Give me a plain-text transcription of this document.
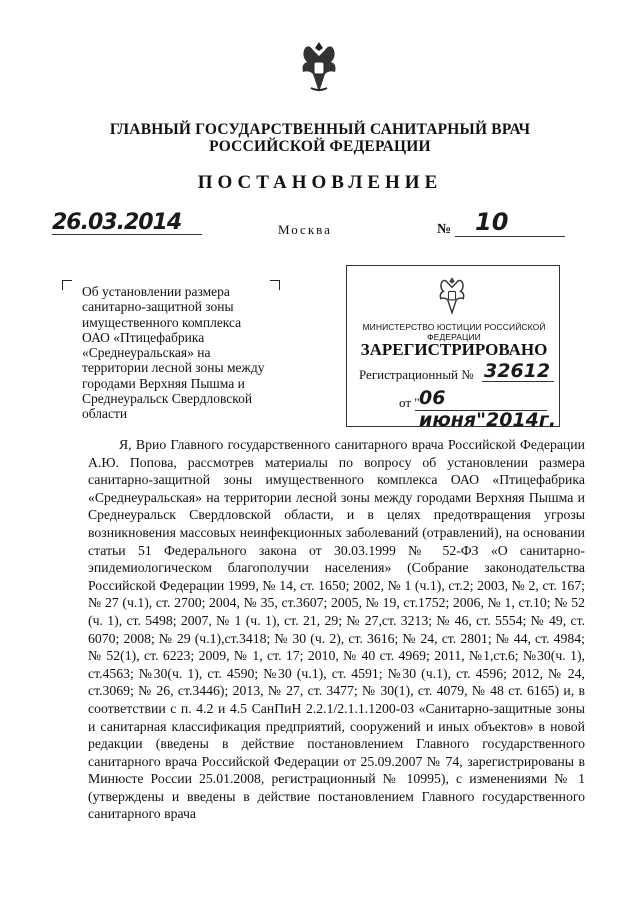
ГЛАВНЫЙ ГОСУДАРСТВЕННЫЙ САНИТАРНЫЙ ВРАЧ
РОССИЙСКОЙ ФЕДЕРАЦИИ
ПОСТАНОВЛЕНИЕ
26.03.2014	Москва	№ 10
Об установлении размера санитарно-защитной зоны имущественного комплекса ОАО «Птицефабрика «Среднеуральская» на территории лесной зоны между городами Верхняя Пышма и Среднеуральск Свердловской области
МИНИСТЕРСТВО ЮСТИЦИИ РОССИЙСКОЙ ФЕДЕРАЦИИ
ЗАРЕГИСТРИРОВАНО
Регистрационный № 32612
от " 06 июня"2014г.

Я, Врио Главного государственного санитарного врача Российской Федерации А.Ю. Попова, рассмотрев материалы по вопросу об установлении размера санитарно-защитной зоны имущественного комплекса ОАО «Птицефабрика «Среднеуральская» на территории лесной зоны между городами Верхняя Пышма и Среднеуральск Свердловской области, и в целях предотвращения угрозы возникновения массовых неинфекционных заболеваний (отравлений), на основании статьи 51 Федерального закона от 30.03.1999 № 52-ФЗ «О санитарно-эпидемиологическом благополучии населения» (Собрание законодательства Российской Федерации 1999, № 14, ст. 1650; 2002, № 1 (ч.1), ст.2; 2003, № 2, ст. 167; № 27 (ч.1), ст. 2700; 2004, № 35, ст.3607; 2005, № 19, ст.1752; 2006, № 1, ст.10; № 52 (ч. 1), ст. 5498; 2007, № 1 (ч. 1), ст. 21, 29; № 27,ст. 3213; № 46, ст. 5554; № 49, ст. 6070; 2008; № 29 (ч.1),ст.3418; № 30 (ч. 2), ст. 3616; № 24, ст. 2801; № 44, ст. 4984; № 52(1), ст. 6223; 2009, № 1, ст. 17; 2010, № 40 ст. 4969; 2011, №1,ст.6; №30(ч. 1), ст.4563; №30(ч. 1), ст. 4590; №30 (ч.1), ст. 4591; №30 (ч.1), ст. 4596; 2012, № 24, ст.3069; № 26, ст.3446); 2013, № 27, ст. 3477; № 30(1), ст. 4079, № 48 ст. 6165) и, в соответствии с п. 4.2 и 4.5 СанПиН 2.2.1/2.1.1.1200-03 «Санитарно-защитные зоны и санитарная классификация предприятий, сооружений и иных объектов» в новой редакции (введены в действие постановлением Главного государственного санитарного врача Российской Федерации от 25.09.2007 № 74, зарегистрированы в Минюсте России 25.01.2008, регистрационный № 10995), с изменениями № 1 (утверждены и введены в действие постановлением Главного государственного санитарного врача
